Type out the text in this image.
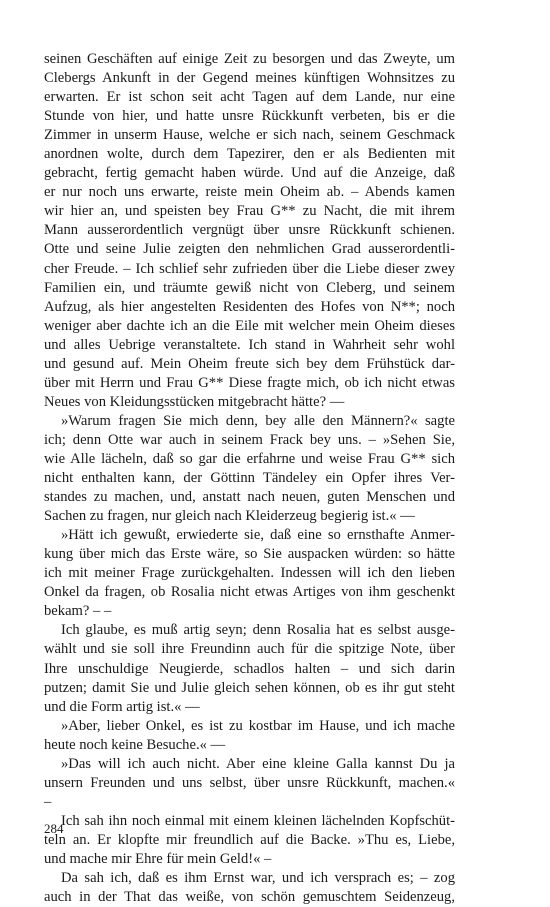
seinen Geschäften auf einige Zeit zu besorgen und das Zweyte, um

Clebergs Ankunft in der Gegend meines künftigen Wohnsitzes zu

erwarten. Er ist schon seit acht Tagen auf dem Lande, nur eine

Stunde von hier, und hatte unsre Rückkunft verbeten, bis er die

Zimmer in unserm Hause, welche er sich nach, seinem Geschmack

anordnen wolte, durch dem Tapezirer, den er als Bedienten mit

gebracht, fertig gemacht haben würde. Und auf die Anzeige, daß

er nur noch uns erwarte, reiste mein Oheim ab. – Abends kamen

wir hier an, und speisten bey Frau G** zu Nacht, die mit ihrem

Mann ausserordentlich vergnügt über unsre Rückkunft schienen.

Otte und seine Julie zeigten den nehmlichen Grad ausserordentli-

cher Freude. – Ich schlief sehr zufrieden über die Liebe dieser zwey

Familien ein, und träumte gewiß nicht von Cleberg, und seinem

Aufzug, als hier angestelten Residenten des Hofes von N**; noch

weniger aber dachte ich an die Eile mit welcher mein Oheim dieses

und alles Uebrige veranstaltete. Ich stand in Wahrheit sehr wohl

und gesund auf. Mein Oheim freute sich bey dem Frühstück dar-

über mit Herrn und Frau G** Diese fragte mich, ob ich nicht etwas

Neues von Kleidungsstücken mitgebracht hätte? ––

»Warum fragen Sie mich denn, bey alle den Männern?« sagte

ich; denn Otte war auch in seinem Frack bey uns. – »Sehen Sie,

wie Alle lächeln, daß so gar die erfahrne und weise Frau G** sich

nicht enthalten kann, der Göttinn Tändeley ein Opfer ihres Ver-

standes zu machen, und, anstatt nach neuen, guten Menschen und

Sachen zu fragen, nur gleich nach Kleiderzeug begierig ist.« ––

»Hätt ich gewußt, erwiederte sie, daß eine so ernsthafte Anmer-

kung über mich das Erste wäre, so Sie auspacken würden: so hätte

ich mit meiner Frage zurückgehalten. Indessen will ich den lieben

Onkel da fragen, ob Rosalia nicht etwas Artiges von ihm geschenkt

bekam? – –

Ich glaube, es muß artig seyn; denn Rosalia hat es selbst ausge-

wählt und sie soll ihre Freundinn auch für die spitzige Note, über

Ihre unschuldige Neugierde, schadlos halten – und sich darin

putzen; damit Sie und Julie gleich sehen können, ob es ihr gut steht

und die Form artig ist.« ––

»Aber, lieber Onkel, es ist zu kostbar im Hause, und ich mache

heute noch keine Besuche.« ––

»Das will ich auch nicht. Aber eine kleine Galla kannst Du ja

unsern Freunden und uns selbst, über unsre Rückkunft, machen.«

–

Ich sah ihn noch einmal mit einem kleinen lächelnden Kopfschüt-

teln an. Er klopfte mir freundlich auf die Backe. »Thu es, Liebe,

und mache mir Ehre für mein Geld!« –

Da sah ich, daß es ihm Ernst war, und ich versprach es; – zog

auch in der That das weiße, von schön gemuschtem Seidenzeug,

284
